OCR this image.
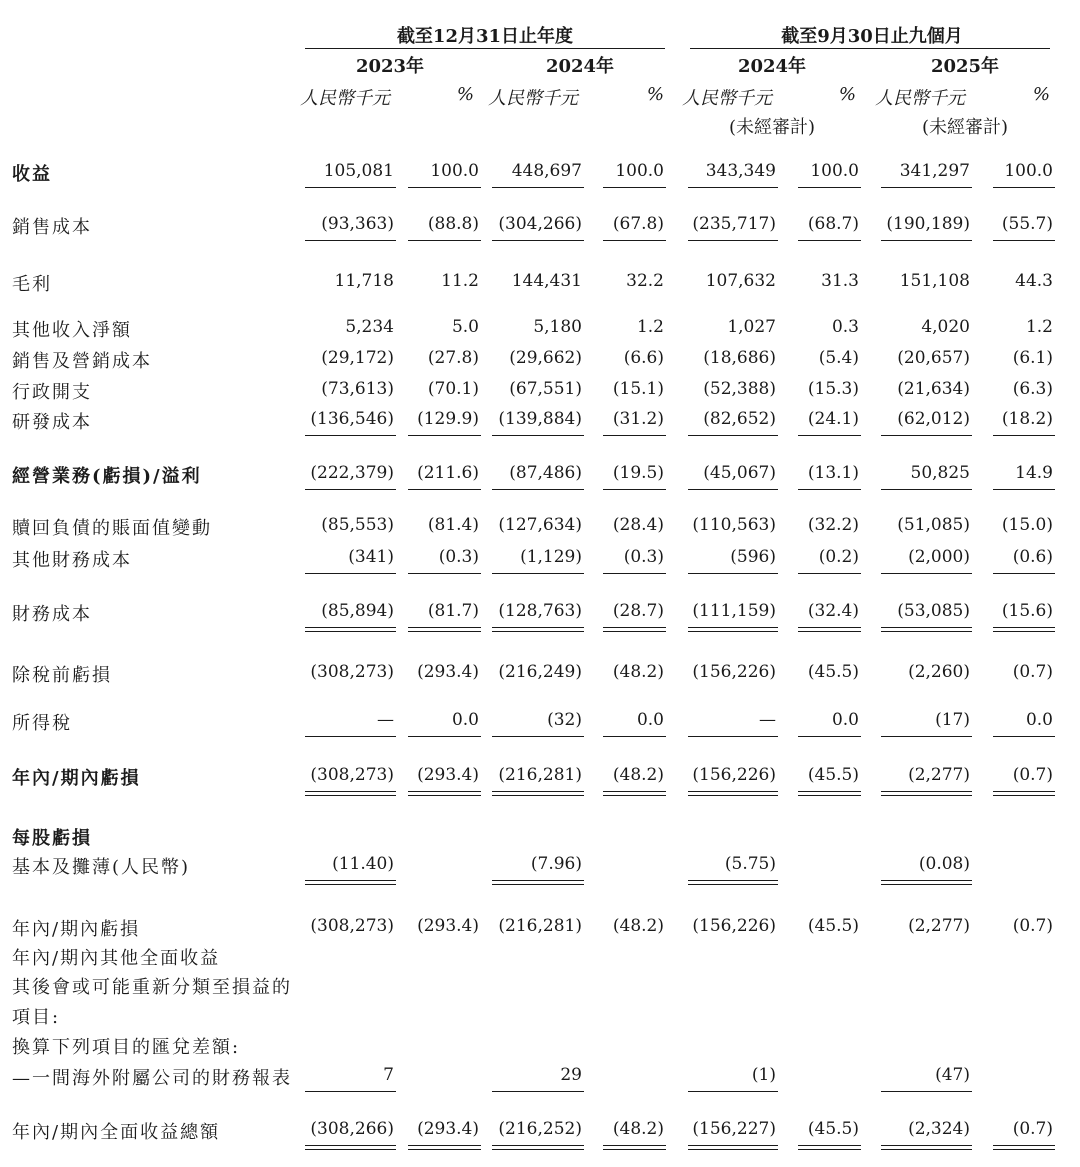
截至12月31日止年度	截至9月30日止九個月
2023年	2024年	2024年	2025年
人民幣千元	% 人民幣千元	% 人民幣千元	% 人民幣千元	%
(未經審計)	(未經審計)
收益	105,081	100.0	448,697	100.0	343,349	100.0	341,297	100.0
銷售成本	(93,363)	(88.8)	(304,266)	(67.8) (235,717)	(68.7)	(190,189)	(55.7)
毛利	11,718	11.2	144,431	32.2	107,632	31.3	151,108	44.3
其他收入淨額	5,234	5.0	5,180	1.2	1,027	0.3	4,020	1.2
銷售及營銷成本	(29,172)	(27.8)	(29,662)	(6.6)	(18,686)	(5.4)	(20,657)	(6.1)
行政開支	(73,613)	(70.1)	(67,551)	(15.1)	(52,388)	(15.3)	(21,634)	(6.3)
研發成本	(136,546)	(129.9)	(139,884)	(31.2)	(82,652)	(24.1)	(62,012)	(18.2)
經營業務(虧損)/溢利	(222,379)	(211.6)	(87,486)	(19.5)	(45,067)	(13.1)	50,825	14.9
贖回負債的賬面值變動	(85,553)	(81.4)	(127,634)	(28.4) (110,563)	(32.2)	(51,085)	(15.0)
其他財務成本	(341)	(0.3)	(1,129)	(0.3)	(596)	(0.2)	(2,000)	(0.6)
財務成本	(85,894)	(81.7)	(128,763)	(28.7) (111,159)	(32.4)	(53,085)	(15.6)
除稅前虧損	(308,273)	(293.4)	(216,249)	(48.2) (156,226)	(45.5)	(2,260)	(0.7)
所得稅	—	0.0	(32)	0.0	—	0.0	(17)	0.0
年內/期內虧損	(308,273)	(293.4)	(216,281)	(48.2) (156,226)	(45.5)	(2,277)	(0.7)
每股虧損
基本及攤薄(人民幣)	(11.40)	(7.96)	(5.75)	(0.08)
年內/期內虧損	(308,273)	(293.4)	(216,281)	(48.2) (156,226)	(45.5)	(2,277)	(0.7)
年內/期內其他全面收益
其後會或可能重新分類至損益的
項目:
換算下列項目的匯兌差額:
—一間海外附屬公司的財務報表	7	29	(1)	(47)
年內/期內全面收益總額	(308,266)	(293.4)	(216,252)	(48.2) (156,227)	(45.5)	(2,324)	(0.7)
